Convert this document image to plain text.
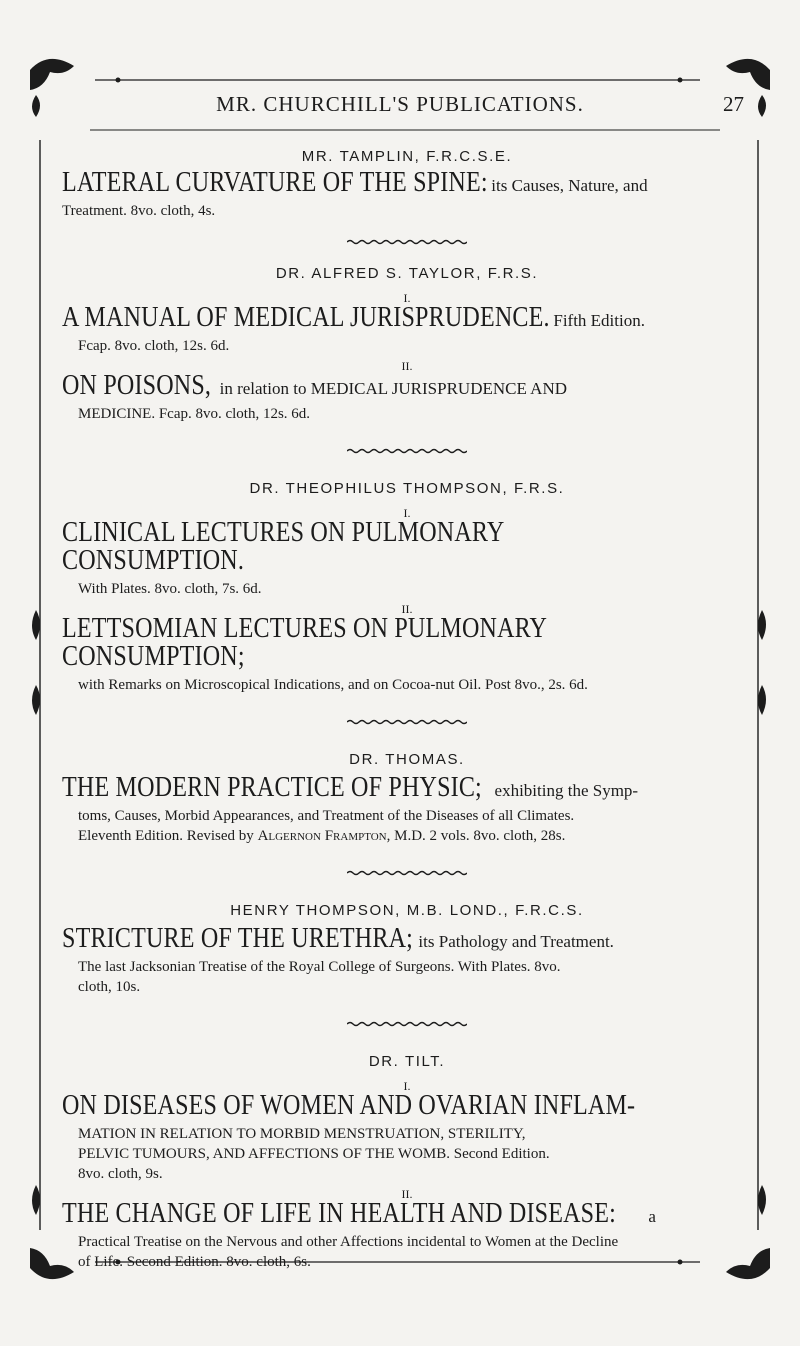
MR. CHURCHILL'S PUBLICATIONS.	27

MR. TAMPLIN, F.R.C.S.E.

LATERAL CURVATURE OF THE SPINE: its Causes, Nature, and

Treatment. 8vo. cloth, 4s.

DR. ALFRED S. TAYLOR, F.R.S.

I.

A MANUAL OF MEDICAL JURISPRUDENCE. Fifth Edition.

Fcap. 8vo. cloth, 12s. 6d.

II.

ON POISONS, in relation to MEDICAL JURISPRUDENCE AND

MEDICINE. Fcap. 8vo. cloth, 12s. 6d.

DR. THEOPHILUS THOMPSON, F.R.S.

I.

CLINICAL LECTURES ON PULMONARY CONSUMPTION.

With Plates. 8vo. cloth, 7s. 6d.

II.

LETTSOMIAN LECTURES ON PULMONARY CONSUMPTION;

with Remarks on Microscopical Indications, and on Cocoa-nut Oil. Post 8vo., 2s. 6d.

DR. THOMAS.

THE MODERN PRACTICE OF PHYSIC; exhibiting the Symp-

toms, Causes, Morbid Appearances, and Treatment of the Diseases of all Climates.

Eleventh Edition. Revised by Algernon Frampton, M.D. 2 vols. 8vo. cloth, 28s.

HENRY THOMPSON, M.B. LOND., F.R.C.S.

STRICTURE OF THE URETHRA; its Pathology and Treatment.

The last Jacksonian Treatise of the Royal College of Surgeons. With Plates. 8vo.

cloth, 10s.

DR. TILT.

I.

ON DISEASES OF WOMEN AND OVARIAN INFLAM-

MATION IN RELATION TO MORBID MENSTRUATION, STERILITY,

PELVIC TUMOURS, AND AFFECTIONS OF THE WOMB. Second Edition.

8vo. cloth, 9s.

II.

THE CHANGE OF LIFE IN HEALTH AND DISEASE: a

Practical Treatise on the Nervous and other Affections incidental to Women at the Decline

of Life. Second Edition. 8vo. cloth, 6s.
